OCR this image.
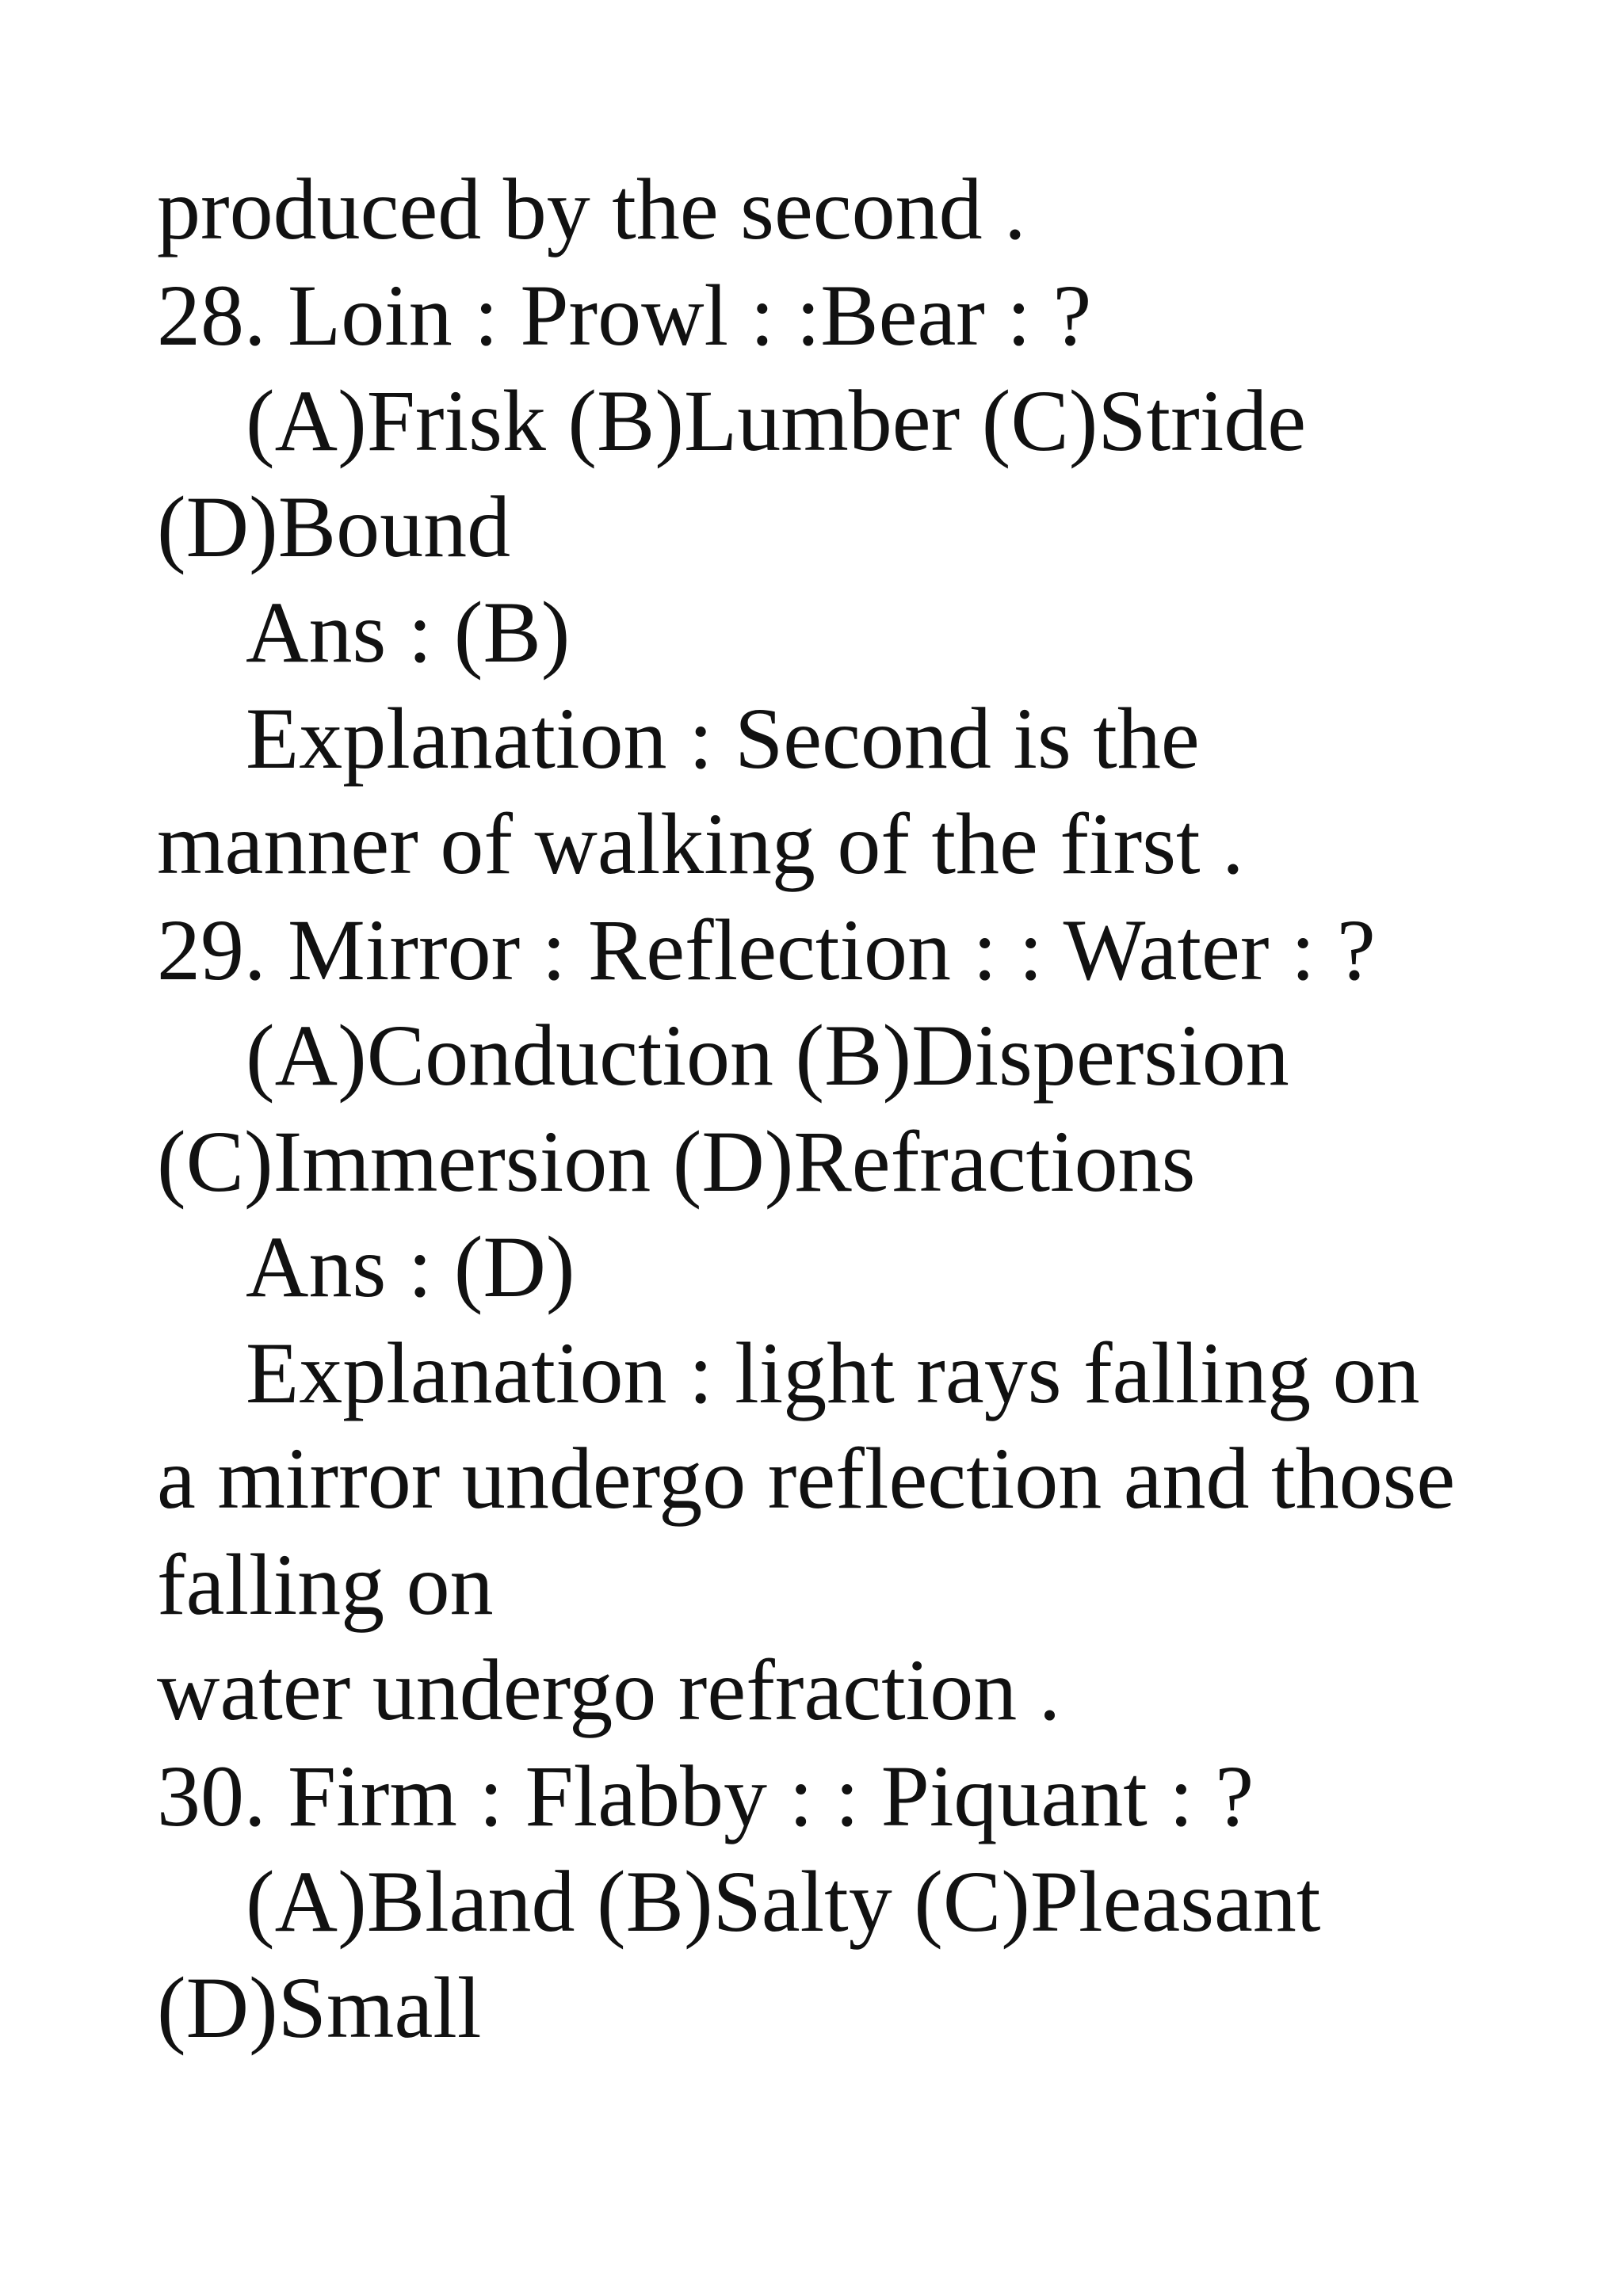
produced by the second .
28. Loin : Prowl : :Bear : ?
(A)Frisk (B)Lumber (C)Stride
(D)Bound
Ans : (B)
Explanation : Second is the
manner of walking of the first .
29. Mirror : Reflection : : Water : ?
(A)Conduction (B)Dispersion
(C)Immersion (D)Refractions
Ans : (D)
Explanation : light rays falling on
a mirror undergo reflection and those
falling on
water undergo refraction .
30. Firm : Flabby : : Piquant : ?
(A)Bland (B)Salty (C)Pleasant
(D)Small
